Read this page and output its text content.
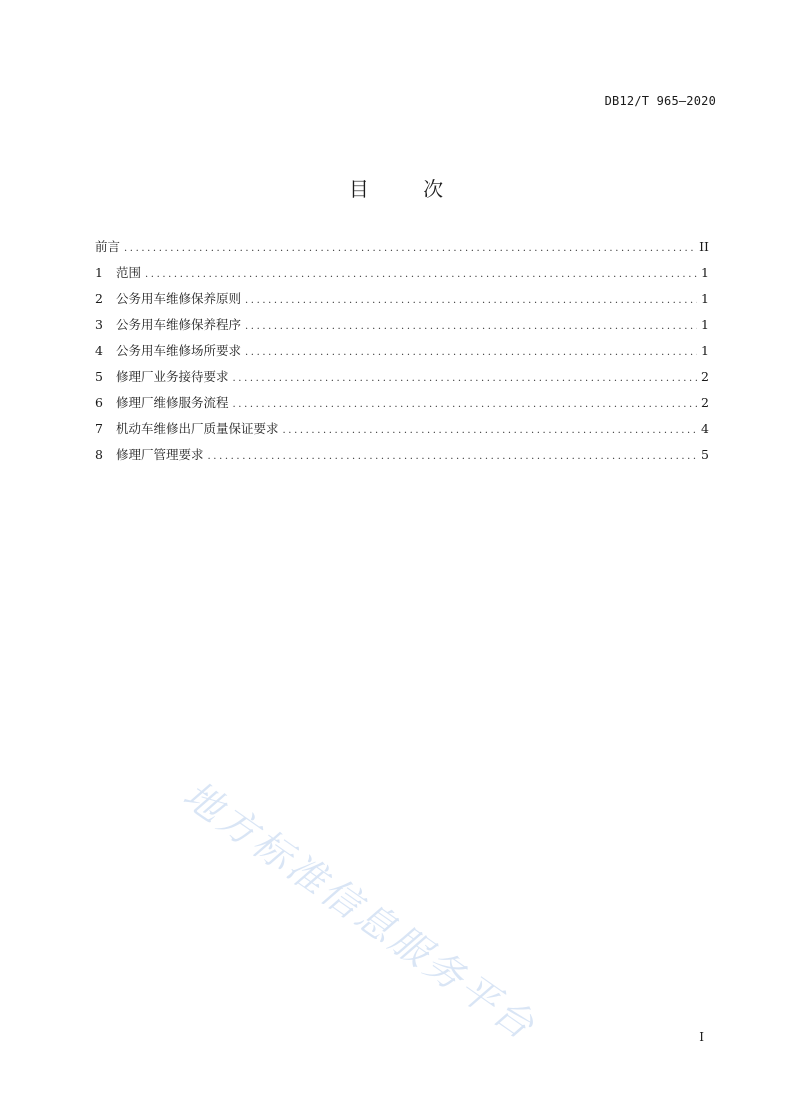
DB12/T 965—2020
目 次
前言 .....	II
1	范围 .....	1
2	公务用车维修保养原则 .....	1
3	公务用车维修保养程序 .....	1
4	公务用车维修场所要求 .....	1
5	修理厂业务接待要求 .....	2
6	修理厂维修服务流程 .....	2
7	机动车维修出厂质量保证要求 .....	4
8	修理厂管理要求 .....	5
地方标准信息服务平台	I
